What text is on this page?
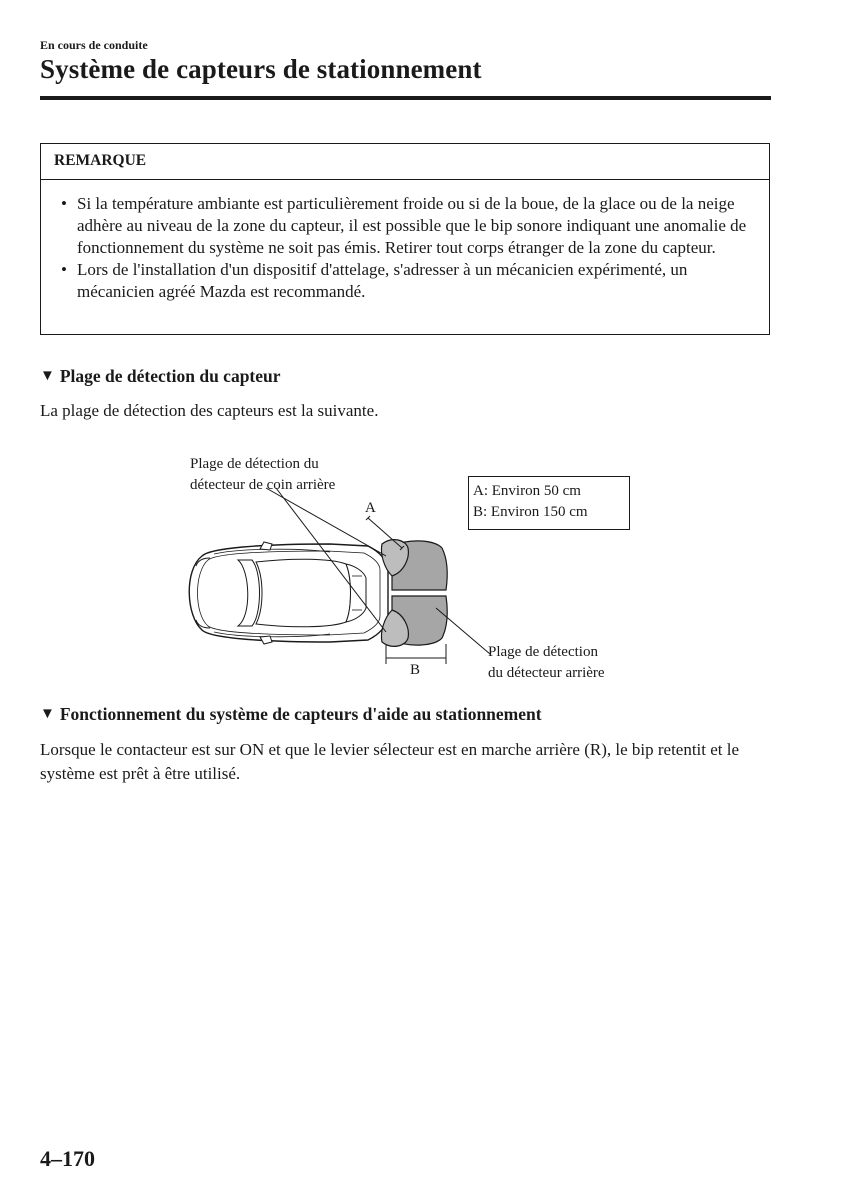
En cours de conduite
Système de capteurs de stationnement
REMARQUE
• Si la température ambiante est particulièrement froide ou si de la boue, de la glace ou de la neige adhère au niveau de la zone du capteur, il est possible que le bip sonore indiquant une anomalie de fonctionnement du système ne soit pas émis. Retirer tout corps étranger de la zone du capteur.
• Lors de l'installation d'un dispositif d'attelage, s'adresser à un mécanicien expérimenté, un mécanicien agréé Mazda est recommandé.
▼ Plage de détection du capteur
La plage de détection des capteurs est la suivante.
Plage de détection du
détecteur de coin arrière
A
B
A: Environ 50 cm
B: Environ 150 cm
Plage de détection
du détecteur arrière
▼ Fonctionnement du système de capteurs d'aide au stationnement
Lorsque le contacteur est sur ON et que le levier sélecteur est en marche arrière (R), le bip retentit et le système est prêt à être utilisé.
4–170
